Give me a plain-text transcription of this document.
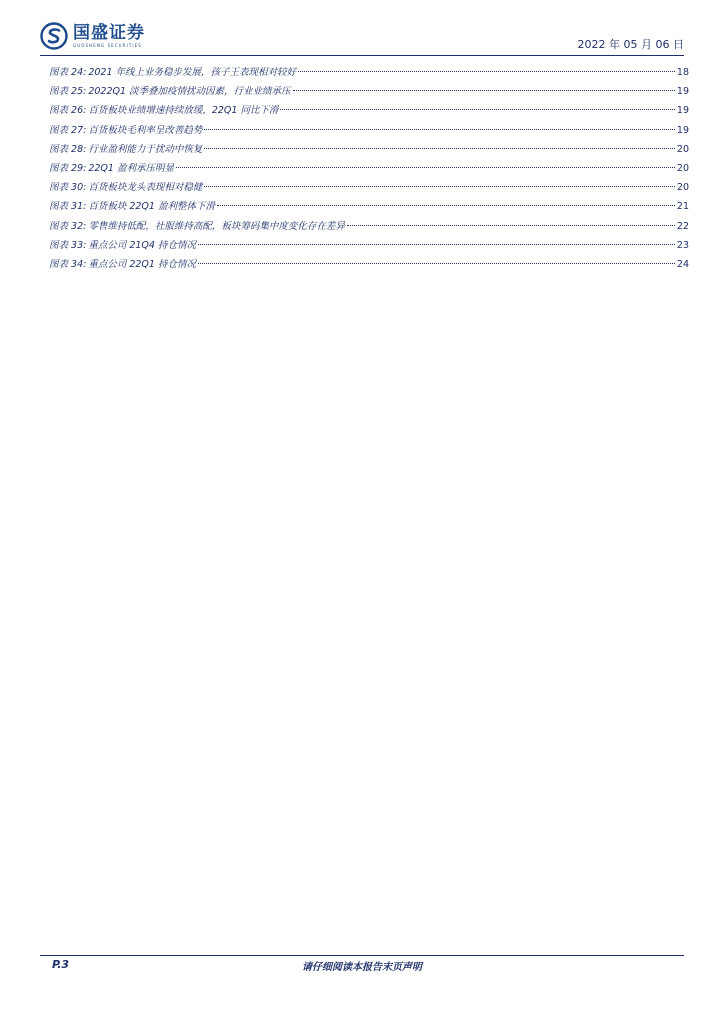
国盛证券
GUOSHENG SECURITIES	2022 年 05 月 06 日
图表 24: 2021 年线上业务稳步发展，孩子王表现相对较好	18
图表 25: 2022Q1 淡季叠加疫情扰动因素，行业业绩承压	19
图表 26: 百货板块业绩增速持续放缓，22Q1 同比下滑	19
图表 27: 百货板块毛利率呈改善趋势	19
图表 28: 行业盈利能力于扰动中恢复	20
图表 29: 22Q1 盈利承压明显	20
图表 30: 百货板块龙头表现相对稳健	20
图表 31: 百货板块 22Q1 盈利整体下滑	21
图表 32: 零售维持低配，社服维持高配，板块筹码集中度变化存在差异	22
图表 33: 重点公司 21Q4 持仓情况	23
图表 34: 重点公司 22Q1 持仓情况	24
P.3	请仔细阅读本报告末页声明
